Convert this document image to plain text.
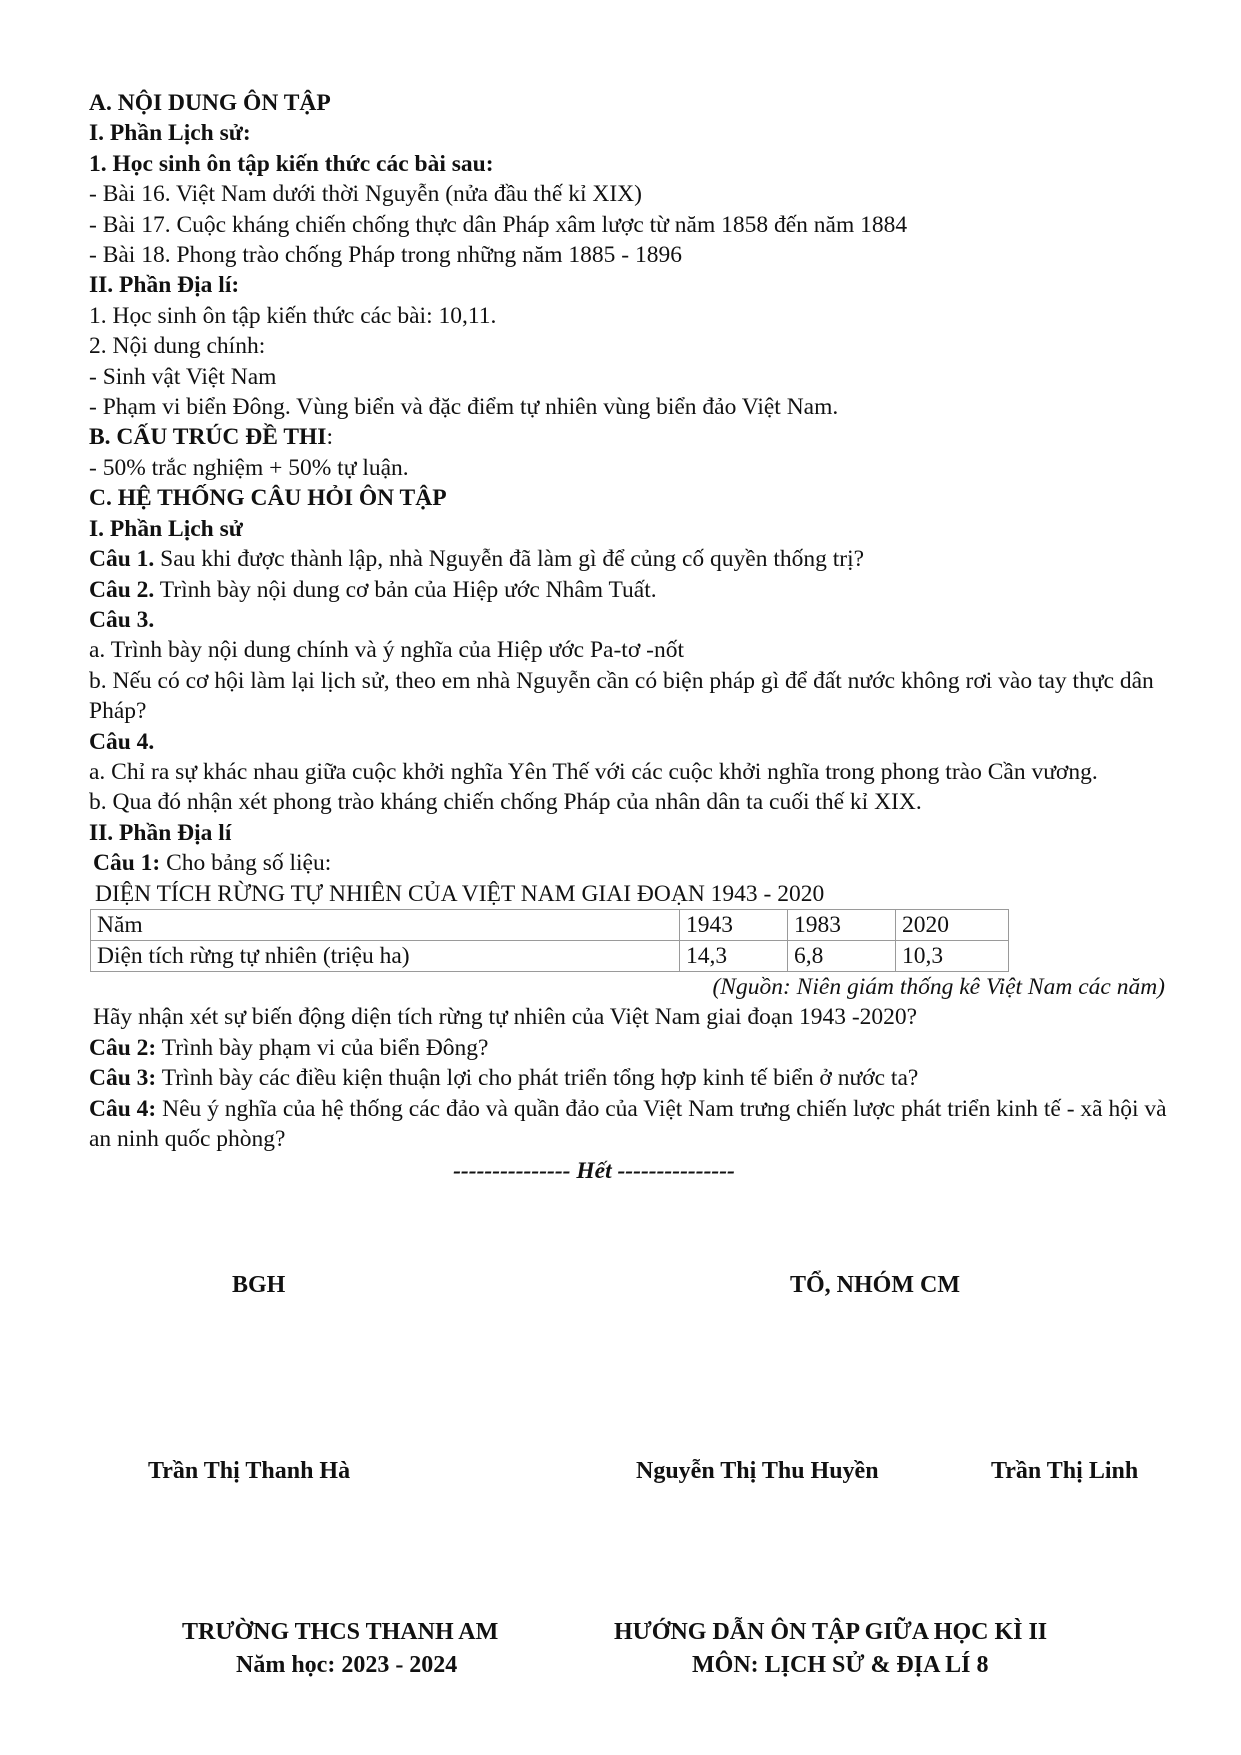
A. NỘI DUNG ÔN TẬP
I. Phần Lịch sử:
1. Học sinh ôn tập kiến thức các bài sau:
- Bài 16. Việt Nam dưới thời Nguyễn (nửa đầu thế kỉ XIX)
- Bài 17. Cuộc kháng chiến chống thực dân Pháp xâm lược từ năm 1858 đến năm 1884
- Bài 18. Phong trào chống Pháp trong những năm 1885 - 1896
II. Phần Địa lí:
1. Học sinh ôn tập kiến thức các bài: 10,11.
2. Nội dung chính:
- Sinh vật Việt Nam
- Phạm vi biển Đông. Vùng biển và đặc điểm tự nhiên vùng biển đảo Việt Nam.
B. CẤU TRÚC ĐỀ THI:
- 50% trắc nghiệm + 50% tự luận.
C. HỆ THỐNG CÂU HỎI ÔN TẬP
I. Phần Lịch sử
Câu 1. Sau khi được thành lập, nhà Nguyễn đã làm gì để củng cố quyền thống trị?
Câu 2. Trình bày nội dung cơ bản của Hiệp ước Nhâm Tuất.
Câu 3.
a. Trình bày nội dung chính và ý nghĩa của Hiệp ước Pa-tơ -nốt
b. Nếu có cơ hội làm lại lịch sử, theo em nhà Nguyễn cần có biện pháp gì để đất nước không rơi vào tay thực dân Pháp?
Câu 4.
a. Chỉ ra sự khác nhau giữa cuộc khởi nghĩa Yên Thế với các cuộc khởi nghĩa trong phong trào Cần vương.
b. Qua đó nhận xét phong trào kháng chiến chống Pháp của nhân dân ta cuối thế kỉ XIX.
II. Phần Địa lí
Câu 1: Cho bảng số liệu:
DIỆN TÍCH RỪNG TỰ NHIÊN CỦA VIỆT NAM GIAI ĐOẠN 1943 - 2020
Năm	1943	1983	2020
Diện tích rừng tự nhiên (triệu ha)	14,3	6,8	10,3
(Nguồn: Niên giám thống kê Việt Nam các năm)
Hãy nhận xét sự biến động diện tích rừng tự nhiên của Việt Nam giai đoạn 1943 -2020?
Câu 2: Trình bày phạm vi của biển Đông?
Câu 3: Trình bày các điều kiện thuận lợi cho phát triển tổng hợp kinh tế biển ở nước ta?
Câu 4: Nêu ý nghĩa của hệ thống các đảo và quần đảo của Việt Nam trưng chiến lược phát triển kinh tế - xã hội và an ninh quốc phòng?
--------------- Hết ---------------
BGH	TỔ, NHÓM CM
Trần Thị Thanh Hà	Nguyễn Thị Thu Huyền	Trần Thị Linh
TRƯỜNG THCS THANH AM
Năm học: 2023 - 2024
HƯỚNG DẪN ÔN TẬP GIỮA HỌC KÌ II
MÔN: LỊCH SỬ & ĐỊA LÍ 8
